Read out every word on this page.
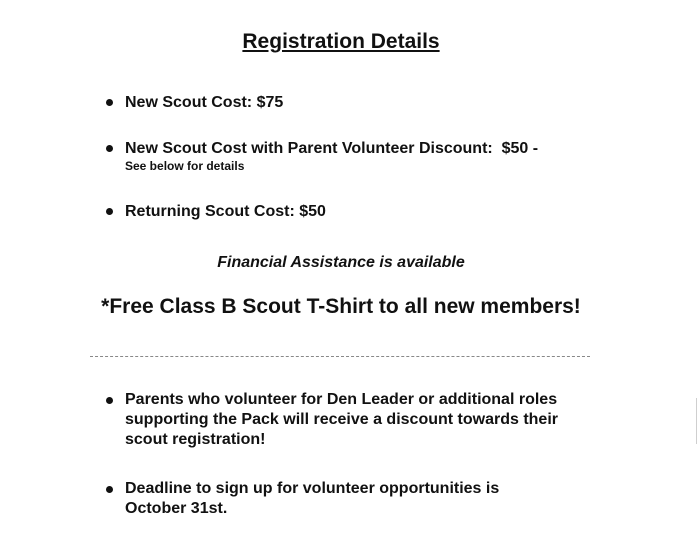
Registration Details
New Scout Cost: $75
New Scout Cost with Parent Volunteer Discount:  $50 -
See below for details
Returning Scout Cost: $50
Financial Assistance is available
*Free Class B Scout T-Shirt to all new members!
Parents who volunteer for Den Leader or additional roles supporting the Pack will receive a discount towards their scout registration!
Deadline to sign up for volunteer opportunities is October 31st.
